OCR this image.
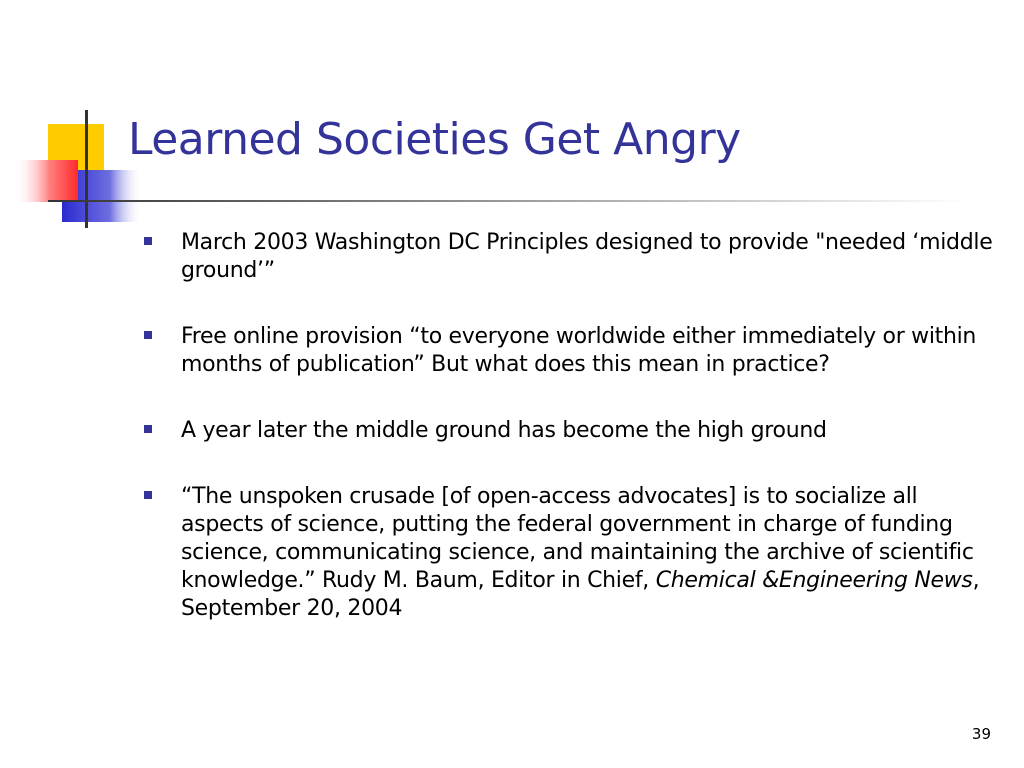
Learned Societies Get Angry
March 2003 Washington DC Principles designed to provide "needed ‘middle ground’”
Free online provision “to everyone worldwide either immediately or within months of publication” But what does this mean in practice?
A year later the middle ground has become the high ground
“The unspoken crusade [of open-access advocates] is to socialize all aspects of science, putting the federal government in charge of funding science, communicating science, and maintaining the archive of scientific knowledge.” Rudy M. Baum, Editor in Chief, Chemical &Engineering News, September 20, 2004
39
